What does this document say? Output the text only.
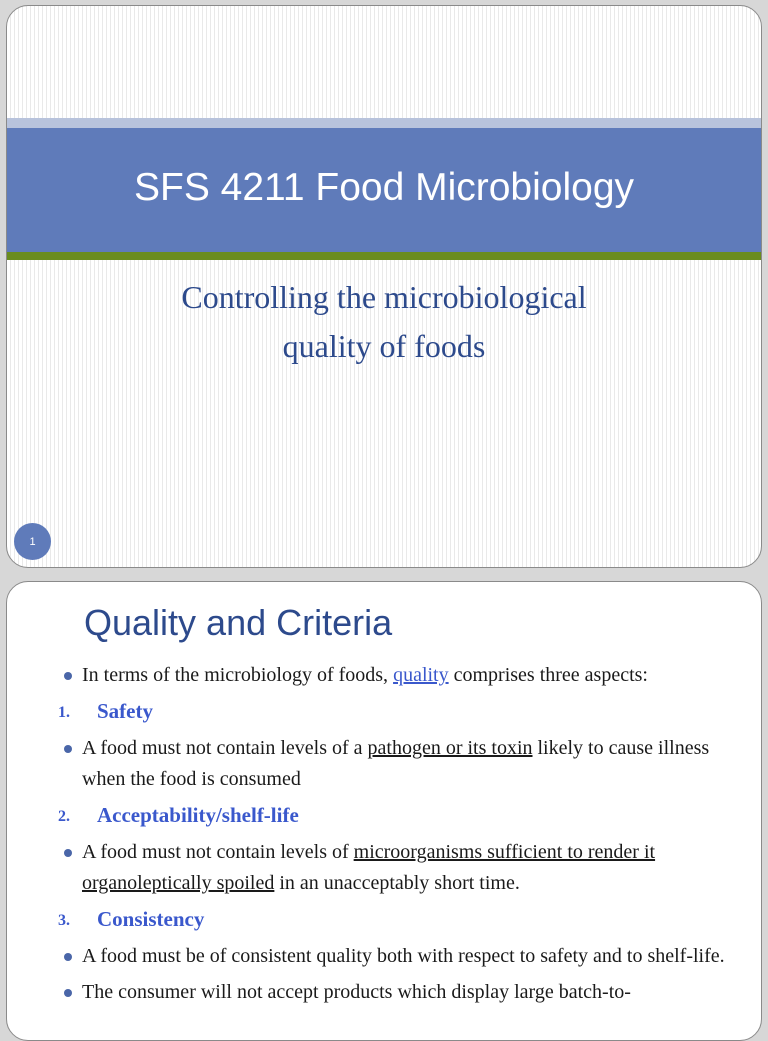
SFS 4211 Food Microbiology
Controlling the microbiological
quality of foods
1
Quality and Criteria
In terms of the microbiology of foods, quality comprises three aspects:
1. Safety
A food must not contain levels of a pathogen or its toxin likely to cause illness when the food is consumed
2. Acceptability/shelf-life
A food must not contain levels of microorganisms sufficient to render it organoleptically spoiled in an unacceptably short time.
3. Consistency
A food must be of consistent quality both with respect to safety and to shelf-life.
The consumer will not accept products which display large batch-to-
